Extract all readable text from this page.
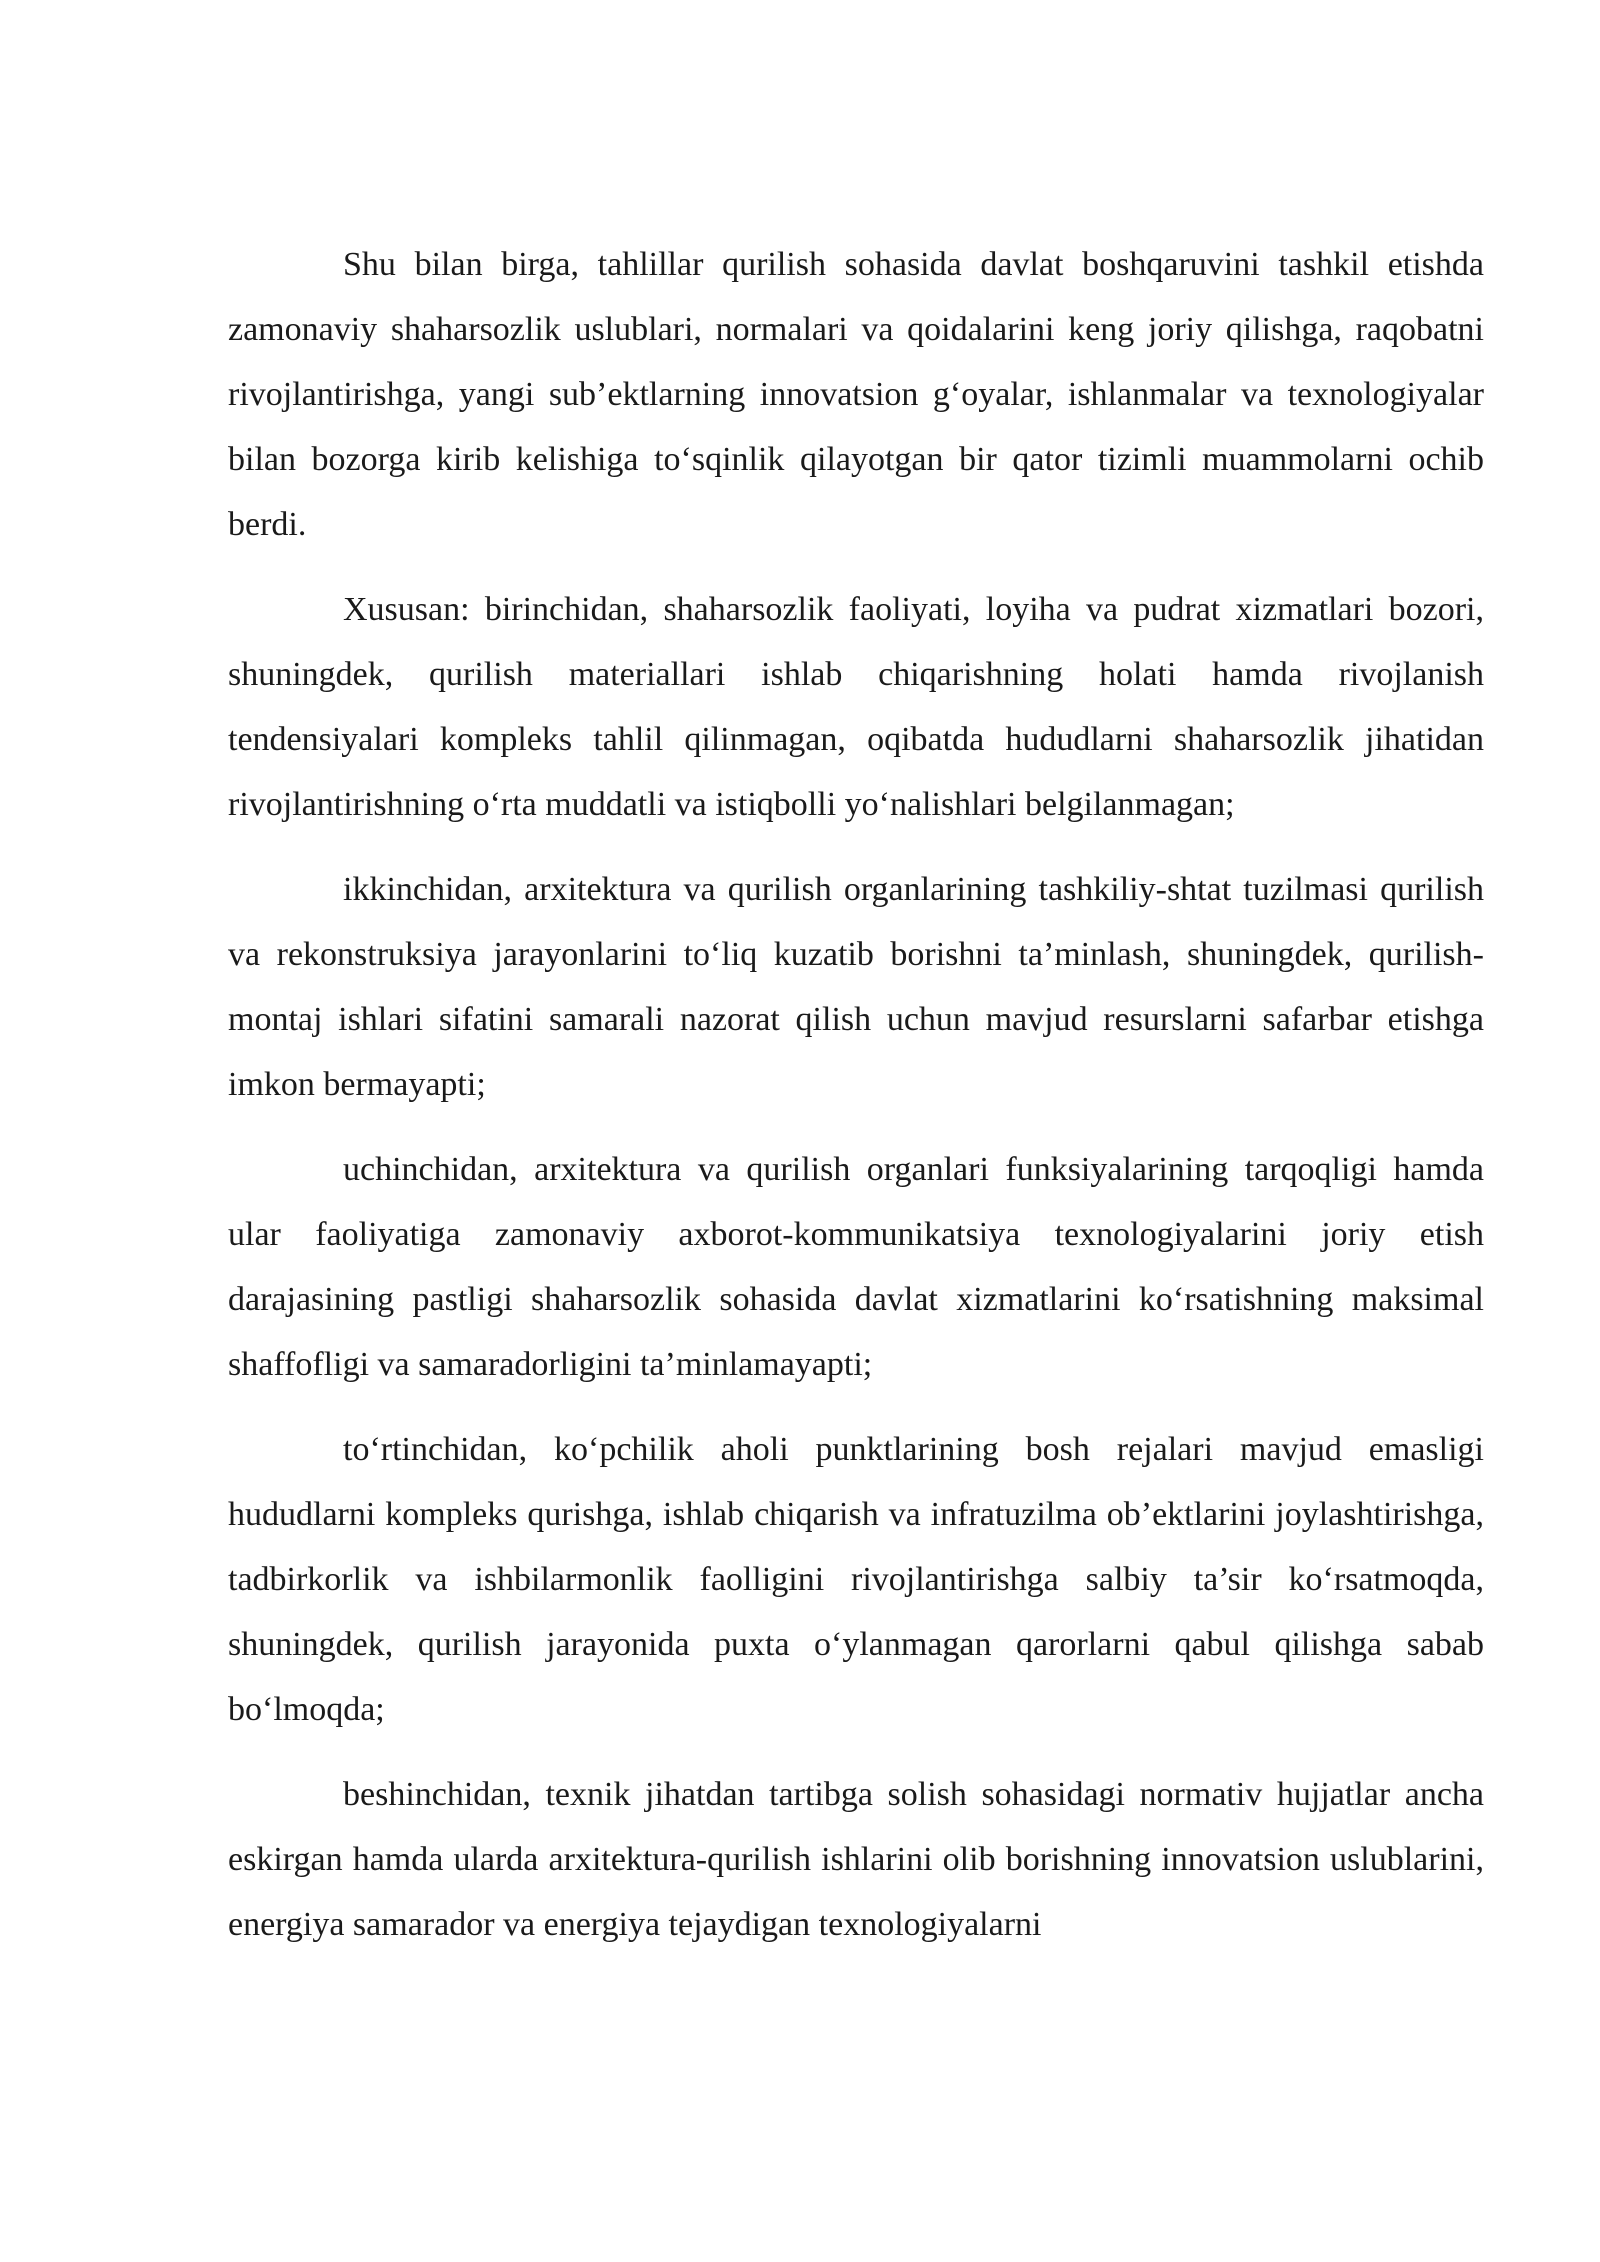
Shu bilan birga, tahlillar qurilish sohasida davlat boshqaruvini tashkil etishda zamonaviy shaharsozlik uslublari, normalari va qoidalarini keng joriy qilishga, raqobatni rivojlantirishga, yangi sub’ektlarning innovatsion g‘oyalar, ishlanmalar va texnologiyalar bilan bozorga kirib kelishiga to‘sqinlik qilayotgan bir qator tizimli muammolarni ochib berdi.

Xususan: birinchidan, shaharsozlik faoliyati, loyiha va pudrat xizmatlari bozori, shuningdek, qurilish materiallari ishlab chiqarishning holati hamda rivojlanish tendensiyalari kompleks tahlil qilinmagan, oqibatda hududlarni shaharsozlik jihatidan rivojlantirishning o‘rta muddatli va istiqbolli yo‘nalishlari belgilanmagan;

ikkinchidan, arxitektura va qurilish organlarining tashkiliy-shtat tuzilmasi qurilish va rekonstruksiya jarayonlarini to‘liq kuzatib borishni ta’minlash, shuningdek, qurilish-montaj ishlari sifatini samarali nazorat qilish uchun mavjud resurslarni safarbar etishga imkon bermayapti;

uchinchidan, arxitektura va qurilish organlari funksiyalarining tarqoqligi hamda ular faoliyatiga zamonaviy axborot-kommunikatsiya texnologiyalarini joriy etish darajasining pastligi shaharsozlik sohasida davlat xizmatlarini ko‘rsatishning maksimal shaffofligi va samaradorligini ta’minlamayapti;

to‘rtinchidan, ko‘pchilik aholi punktlarining bosh rejalari mavjud emasligi hududlarni kompleks qurishga, ishlab chiqarish va infratuzilma ob’ektlarini joylashtirishga, tadbirkorlik va ishbilarmonlik faolligini rivojlantirishga salbiy ta’sir ko‘rsatmoqda, shuningdek, qurilish jarayonida puxta o‘ylanmagan qarorlarni qabul qilishga sabab bo‘lmoqda;

beshinchidan, texnik jihatdan tartibga solish sohasidagi normativ hujjatlar ancha eskirgan hamda ularda arxitektura-qurilish ishlarini olib borishning innovatsion uslublarini, energiya samarador va energiya tejaydigan texnologiyalarni
